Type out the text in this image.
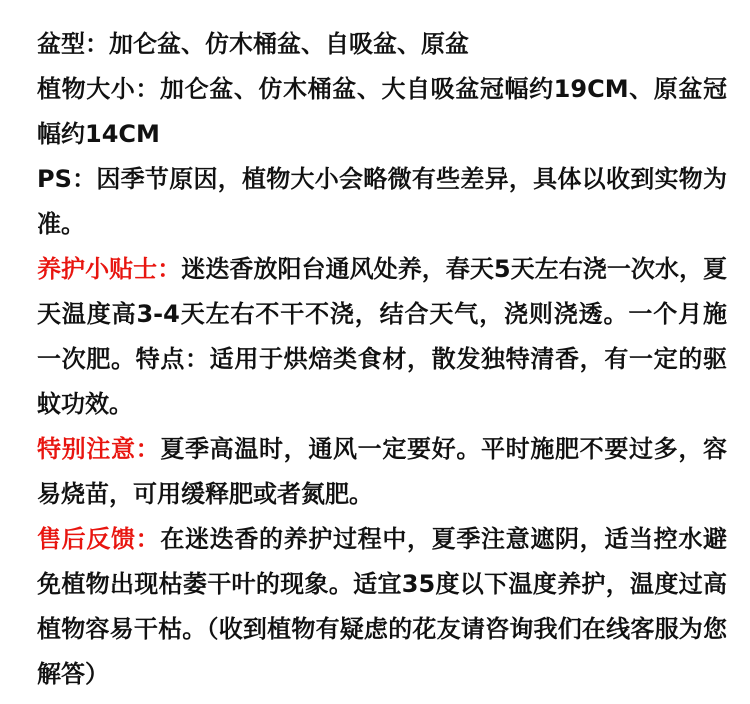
盆型：加仑盆、仿木桶盆、自吸盆、原盆

植物大小：加仑盆、仿木桶盆、大自吸盆冠幅约19CM、原盆冠幅约14CM

PS：因季节原因，植物大小会略微有些差异，具体以收到实物为准。

养护小贴士：迷迭香放阳台通风处养，春天5天左右浇一次水，夏天温度高3-4天左右不干不浇，结合天气，浇则浇透。一个月施一次肥。特点：适用于烘焙类食材，散发独特清香，有一定的驱蚊功效。

特别注意：夏季高温时，通风一定要好。平时施肥不要过多，容易烧苗，可用缓释肥或者氮肥。

售后反馈：在迷迭香的养护过程中，夏季注意遮阴，适当控水避免植物出现枯萎干叶的现象。适宜35度以下温度养护，温度过高植物容易干枯。（收到植物有疑虑的花友请咨询我们在线客服为您解答）
